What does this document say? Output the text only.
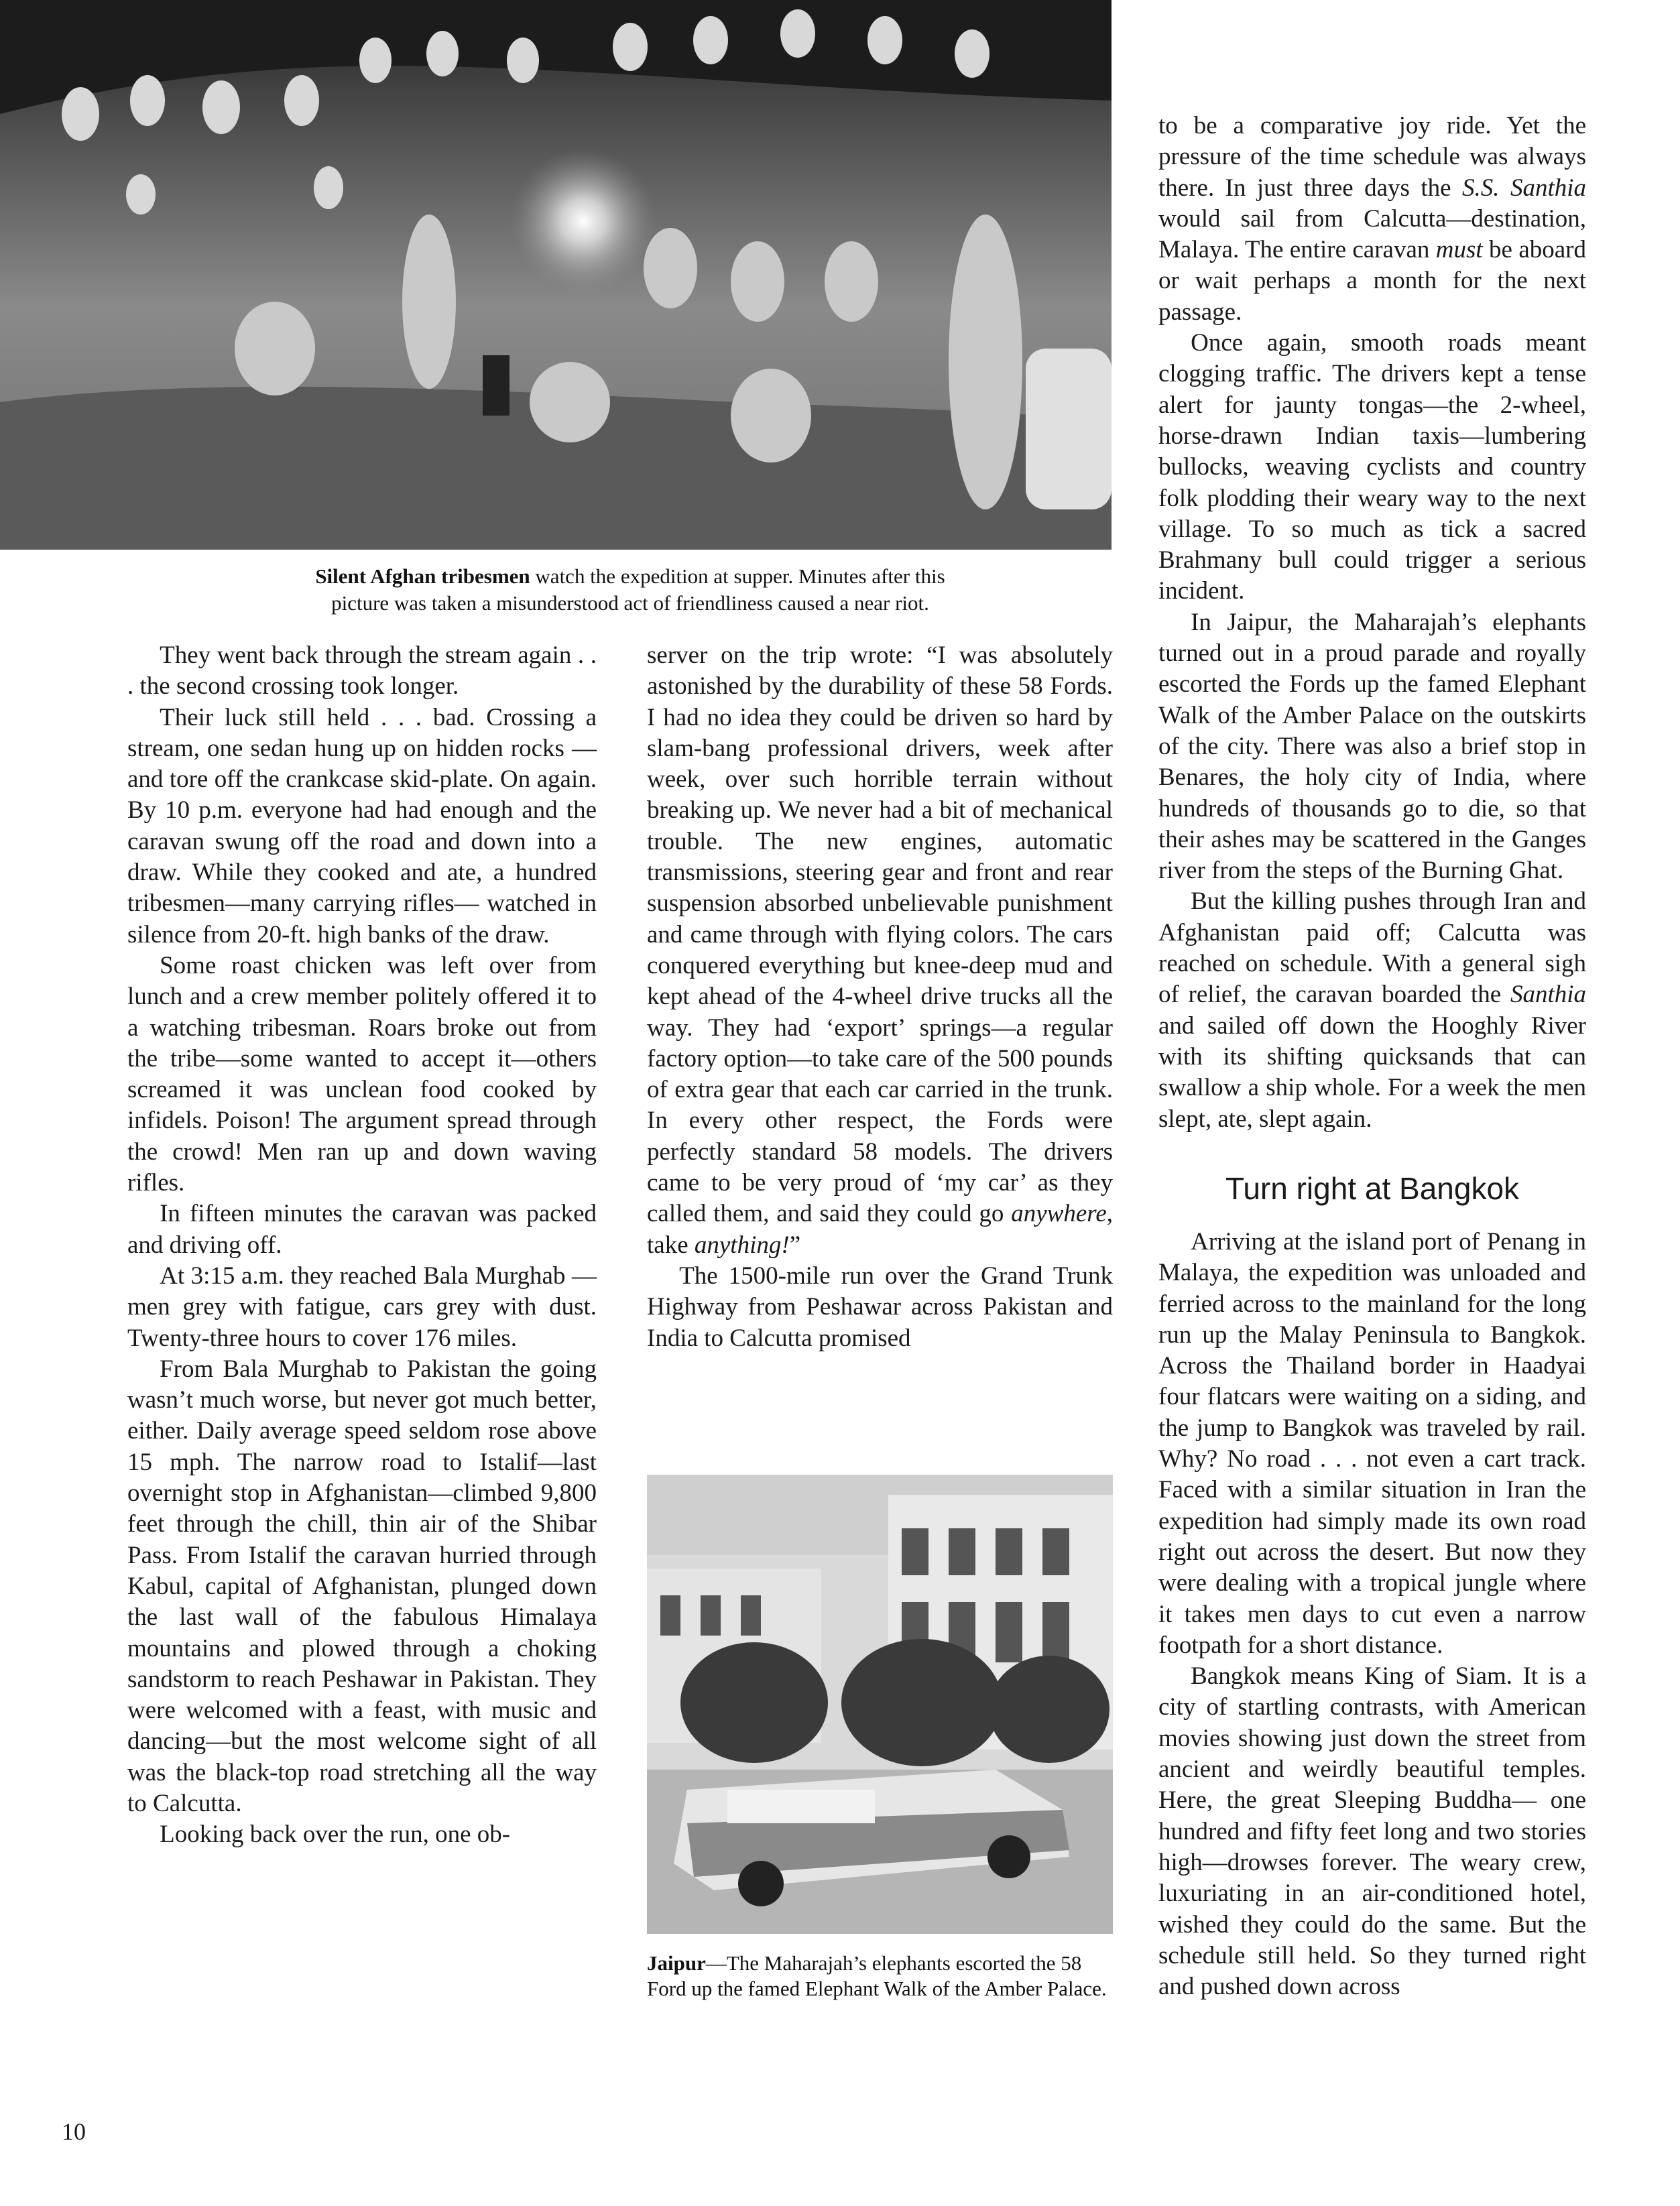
Silent Afghan tribesmen watch the expedition at supper. Minutes after this
picture was taken a misunderstood act of friendliness caused a near riot.

They went back through the stream again . . . the second crossing took longer.

Their luck still held . . . bad. Crossing a stream, one sedan hung up on hidden rocks — and tore off the crankcase skid-plate. On again. By 10 p.m. everyone had had enough and the caravan swung off the road and down into a draw. While they cooked and ate, a hundred tribesmen—many carrying rifles— watched in silence from 20-ft. high banks of the draw.

Some roast chicken was left over from lunch and a crew member politely offered it to a watching tribesman. Roars broke out from the tribe—some wanted to accept it—others screamed it was unclean food cooked by infidels. Poison! The argument spread through the crowd! Men ran up and down waving rifles.

In fifteen minutes the caravan was packed and driving off.

At 3:15 a.m. they reached Bala Murghab — men grey with fatigue, cars grey with dust. Twenty-three hours to cover 176 miles.

From Bala Murghab to Pakistan the going wasn’t much worse, but never got much better, either. Daily average speed seldom rose above 15 mph. The narrow road to Istalif—last overnight stop in Afghanistan—climbed 9,800 feet through the chill, thin air of the Shibar Pass. From Istalif the caravan hurried through Kabul, capital of Afghanistan, plunged down the last wall of the fabulous Himalaya mountains and plowed through a choking sandstorm to reach Peshawar in Pakistan. They were welcomed with a feast, with music and dancing—but the most welcome sight of all was the black-top road stretching all the way to Calcutta.

Looking back over the run, one ob-

server on the trip wrote: “I was absolutely astonished by the durability of these 58 Fords. I had no idea they could be driven so hard by slam-bang professional drivers, week after week, over such horrible terrain without breaking up. We never had a bit of mechanical trouble. The new engines, automatic transmissions, steering gear and front and rear suspension absorbed unbelievable punishment and came through with flying colors. The cars conquered everything but knee-deep mud and kept ahead of the 4-wheel drive trucks all the way. They had ‘export’ springs—a regular factory option—to take care of the 500 pounds of extra gear that each car carried in the trunk. In every other respect, the Fords were perfectly standard 58 models. The drivers came to be very proud of ‘my car’ as they called them, and said they could go anywhere, take anything!”

The 1500-mile run over the Grand Trunk Highway from Peshawar across Pakistan and India to Calcutta promised

Jaipur—The Maharajah’s elephants escorted the 58 Ford up the famed Elephant Walk of the Amber Palace.

to be a comparative joy ride. Yet the pressure of the time schedule was always there. In just three days the S.S. Santhia would sail from Calcutta—destination, Malaya. The entire caravan must be aboard or wait perhaps a month for the next passage.

Once again, smooth roads meant clogging traffic. The drivers kept a tense alert for jaunty tongas—the 2-wheel, horse-drawn Indian taxis—lumbering bullocks, weaving cyclists and country folk plodding their weary way to the next village. To so much as tick a sacred Brahmany bull could trigger a serious incident.

In Jaipur, the Maharajah’s elephants turned out in a proud parade and royally escorted the Fords up the famed Elephant Walk of the Amber Palace on the outskirts of the city. There was also a brief stop in Benares, the holy city of India, where hundreds of thousands go to die, so that their ashes may be scattered in the Ganges river from the steps of the Burning Ghat.

But the killing pushes through Iran and Afghanistan paid off; Calcutta was reached on schedule. With a general sigh of relief, the caravan boarded the Santhia and sailed off down the Hooghly River with its shifting quicksands that can swallow a ship whole. For a week the men slept, ate, slept again.

Turn right at Bangkok

Arriving at the island port of Penang in Malaya, the expedition was unloaded and ferried across to the mainland for the long run up the Malay Peninsula to Bangkok. Across the Thailand border in Haadyai four flatcars were waiting on a siding, and the jump to Bangkok was traveled by rail. Why? No road . . . not even a cart track. Faced with a similar situation in Iran the expedition had simply made its own road right out across the desert. But now they were dealing with a tropical jungle where it takes men days to cut even a narrow footpath for a short distance.

Bangkok means King of Siam. It is a city of startling contrasts, with American movies showing just down the street from ancient and weirdly beautiful temples. Here, the great Sleeping Buddha— one hundred and fifty feet long and two stories high—drowses forever. The weary crew, luxuriating in an air-conditioned hotel, wished they could do the same. But the schedule still held. So they turned right and pushed down across

10
